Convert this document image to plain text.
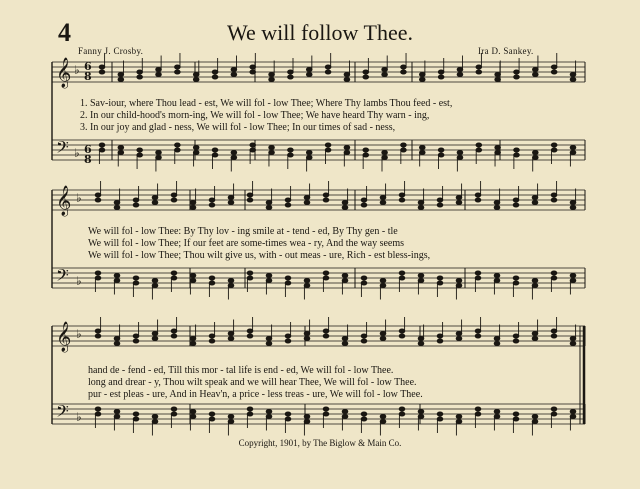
4	We will follow Thee.
Fanny J. Crosby.	Ira D. Sankey.
𝄞
𝄢
♭
♭
𝄞
𝄢
♭
♭
𝄞
𝄢
♭
♭
6
8
6
8
1. Sav-iour, where Thou lead - est, We will fol - low Thee; Where Thy lambs Thou feed - est,
2. In our child-hood's morn-ing, We will fol - low Thee; We have heard Thy warn - ing,
3. In our joy and glad - ness, We will fol - low Thee; In our times of sad - ness,
We will fol - low Thee: By Thy lov - ing smile at - tend - ed, By Thy gen - tle
We will fol - low Thee; If our feet are some-times wea - ry, And the way seems
We will fol - low Thee; Thou wilt give us, with - out meas - ure, Rich - est bless-ings,
hand de - fend - ed, Till this mor - tal life is end - ed, We will fol - low Thee.
long and drear - y, Thou wilt speak and we will hear Thee, We will fol - low Thee.
pur - est pleas - ure, And in Heav'n, a price - less treas - ure, We will fol - low Thee.
Copyright, 1901, by The Biglow & Main Co.
